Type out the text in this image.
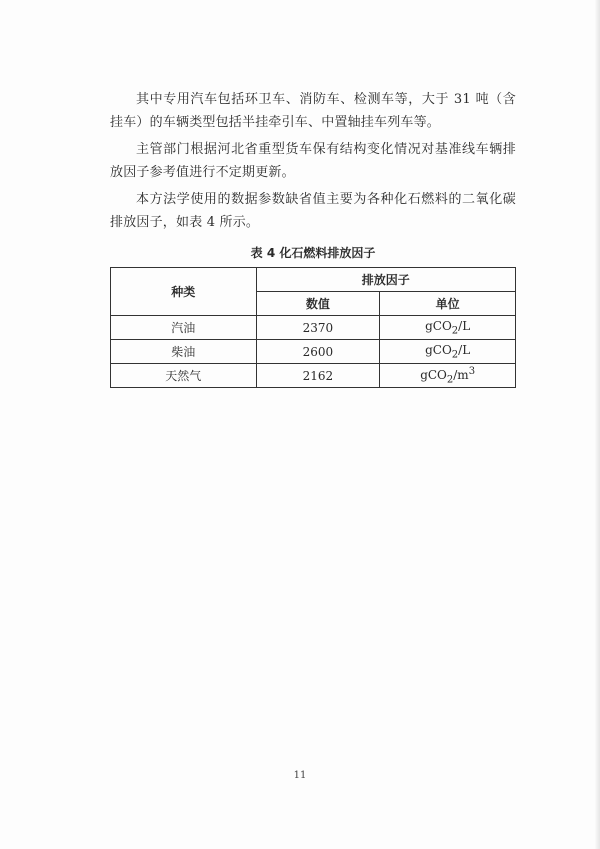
其中专用汽车包括环卫车、消防车、检测车等，大于 31 吨（含挂车）的车辆类型包括半挂牵引车、中置轴挂车列车等。

主管部门根据河北省重型货车保有结构变化情况对基准线车辆排放因子参考值进行不定期更新。

本方法学使用的数据参数缺省值主要为各种化石燃料的二氧化碳排放因子，如表 4 所示。

表 4 化石燃料排放因子
种类	排放因子	
	数值	单位
汽油	2370	gCO$_2$/L
柴油	2600	gCO$_2$/L
天然气	2162	$gCO_2/m^3$
11
